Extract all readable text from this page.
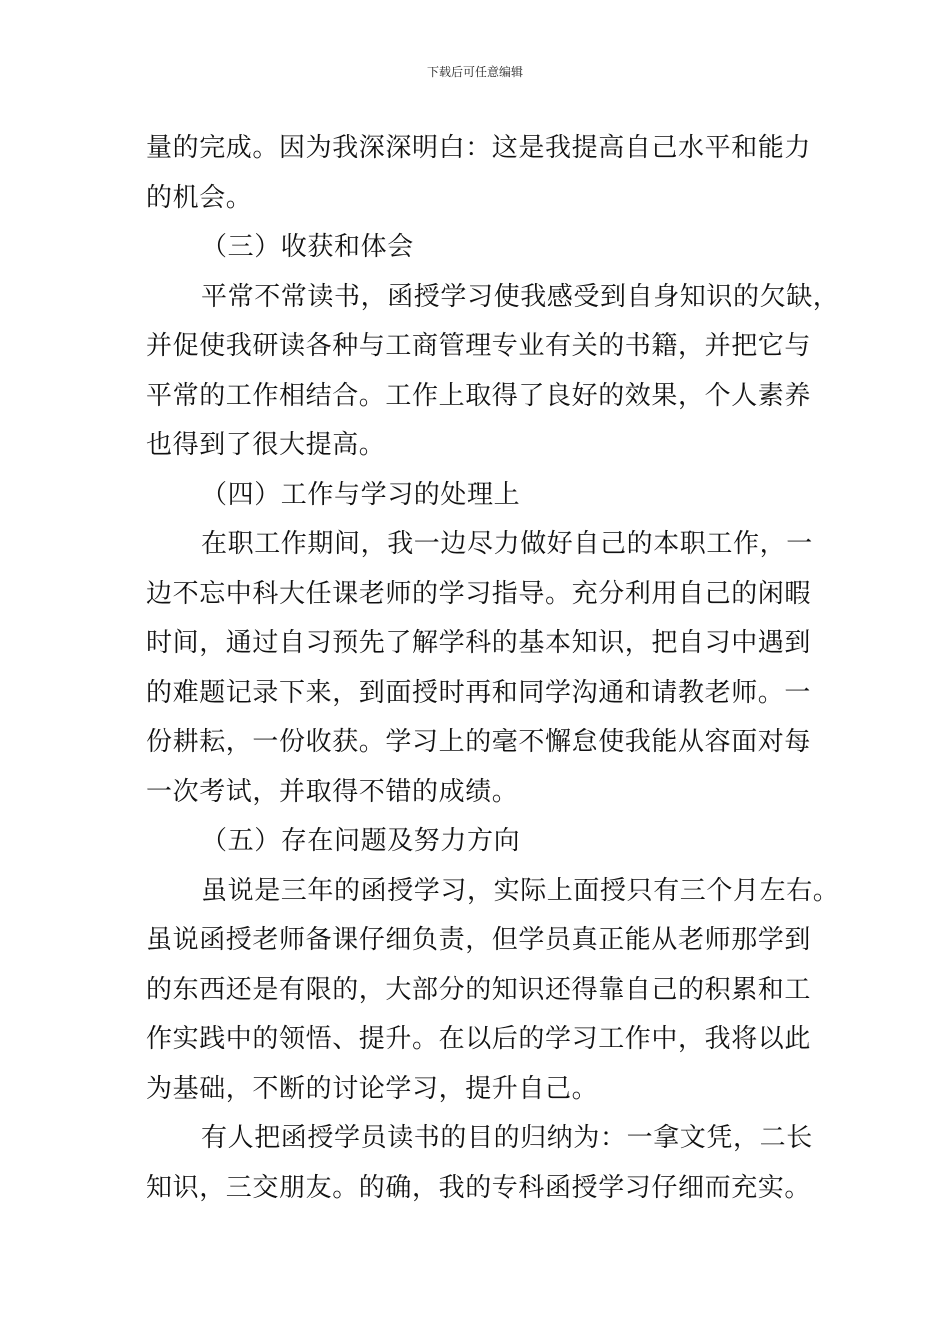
下载后可任意编辑
量的完成。因为我深深明白：这是我提高自己水平和能力
的机会。
（三）收获和体会
平常不常读书，函授学习使我感受到自身知识的欠缺，
并促使我研读各种与工商管理专业有关的书籍，并把它与
平常的工作相结合。工作上取得了良好的效果，个人素养
也得到了很大提高。
（四）工作与学习的处理上
在职工作期间，我一边尽力做好自己的本职工作，一
边不忘中科大任课老师的学习指导。充分利用自己的闲暇
时间，通过自习预先了解学科的基本知识，把自习中遇到
的难题记录下来，到面授时再和同学沟通和请教老师。一
份耕耘，一份收获。学习上的毫不懈怠使我能从容面对每
一次考试，并取得不错的成绩。
（五）存在问题及努力方向
虽说是三年的函授学习，实际上面授只有三个月左右。
虽说函授老师备课仔细负责，但学员真正能从老师那学到
的东西还是有限的，大部分的知识还得靠自己的积累和工
作实践中的领悟、提升。在以后的学习工作中，我将以此
为基础，不断的讨论学习，提升自己。
有人把函授学员读书的目的归纳为：一拿文凭，二长
知识，三交朋友。的确，我的专科函授学习仔细而充实。
